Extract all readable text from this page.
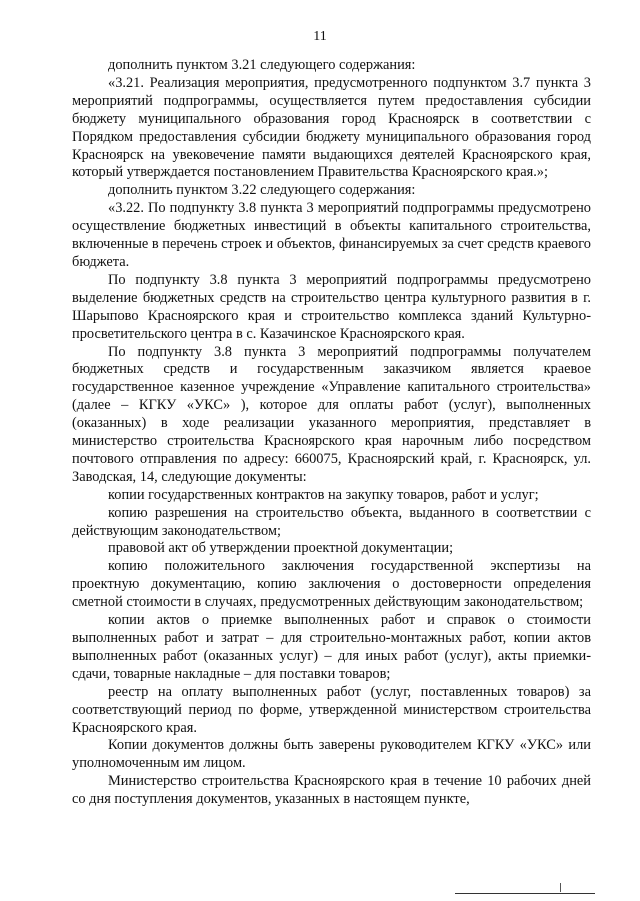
11

дополнить пунктом 3.21 следующего содержания:

«3.21. Реализация мероприятия, предусмотренного подпунктом 3.7 пункта 3 мероприятий подпрограммы, осуществляется путем предоставления субсидии бюджету муниципального образования город Красноярск в соответствии с Порядком предоставления субсидии бюджету муниципального образования город Красноярск на увековечение памяти выдающихся деятелей Красноярского края, который утверждается постановлением Правительства Красноярского края.»;

дополнить пунктом 3.22 следующего содержания:

«3.22. По подпункту 3.8 пункта 3 мероприятий подпрограммы предусмотрено осуществление бюджетных инвестиций в объекты капитального строительства, включенные в перечень строек и объектов, финансируемых за счет средств краевого бюджета.

По подпункту 3.8 пункта 3 мероприятий подпрограммы предусмотрено выделение бюджетных средств на строительство центра культурного развития в г. Шарыпово Красноярского края и строительство комплекса зданий Культурно-просветительского центра в с. Казачинское Красноярского края.

По подпункту 3.8 пункта 3 мероприятий подпрограммы получателем бюджетных средств и государственным заказчиком является краевое государственное казенное учреждение «Управление капитального строительства» (далее – КГКУ «УКС» ), которое для оплаты работ (услуг), выполненных (оказанных) в ходе реализации указанного мероприятия, представляет в министерство строительства Красноярского края нарочным либо посредством почтового отправления по адресу: 660075, Красноярский край, г. Красноярск, ул. Заводская, 14, следующие документы:

копии государственных контрактов на закупку товаров, работ и услуг;

копию разрешения на строительство объекта, выданного в соответствии с действующим законодательством;

правовой акт об утверждении проектной документации;

копию положительного заключения государственной экспертизы на проектную документацию, копию заключения о достоверности определения сметной стоимости в случаях, предусмотренных действующим законодательством;

копии актов о приемке выполненных работ и справок о стоимости выполненных работ и затрат – для строительно-монтажных работ, копии актов выполненных работ (оказанных услуг) – для иных работ (услуг), акты приемки-сдачи, товарные накладные – для поставки товаров;

реестр на оплату выполненных работ (услуг, поставленных товаров) за соответствующий период по форме, утвержденной министерством строительства Красноярского края.

Копии документов должны быть заверены руководителем КГКУ «УКС» или уполномоченным им лицом.

Министерство строительства Красноярского края в течение 10 рабочих дней со дня поступления документов, указанных в настоящем пункте,
